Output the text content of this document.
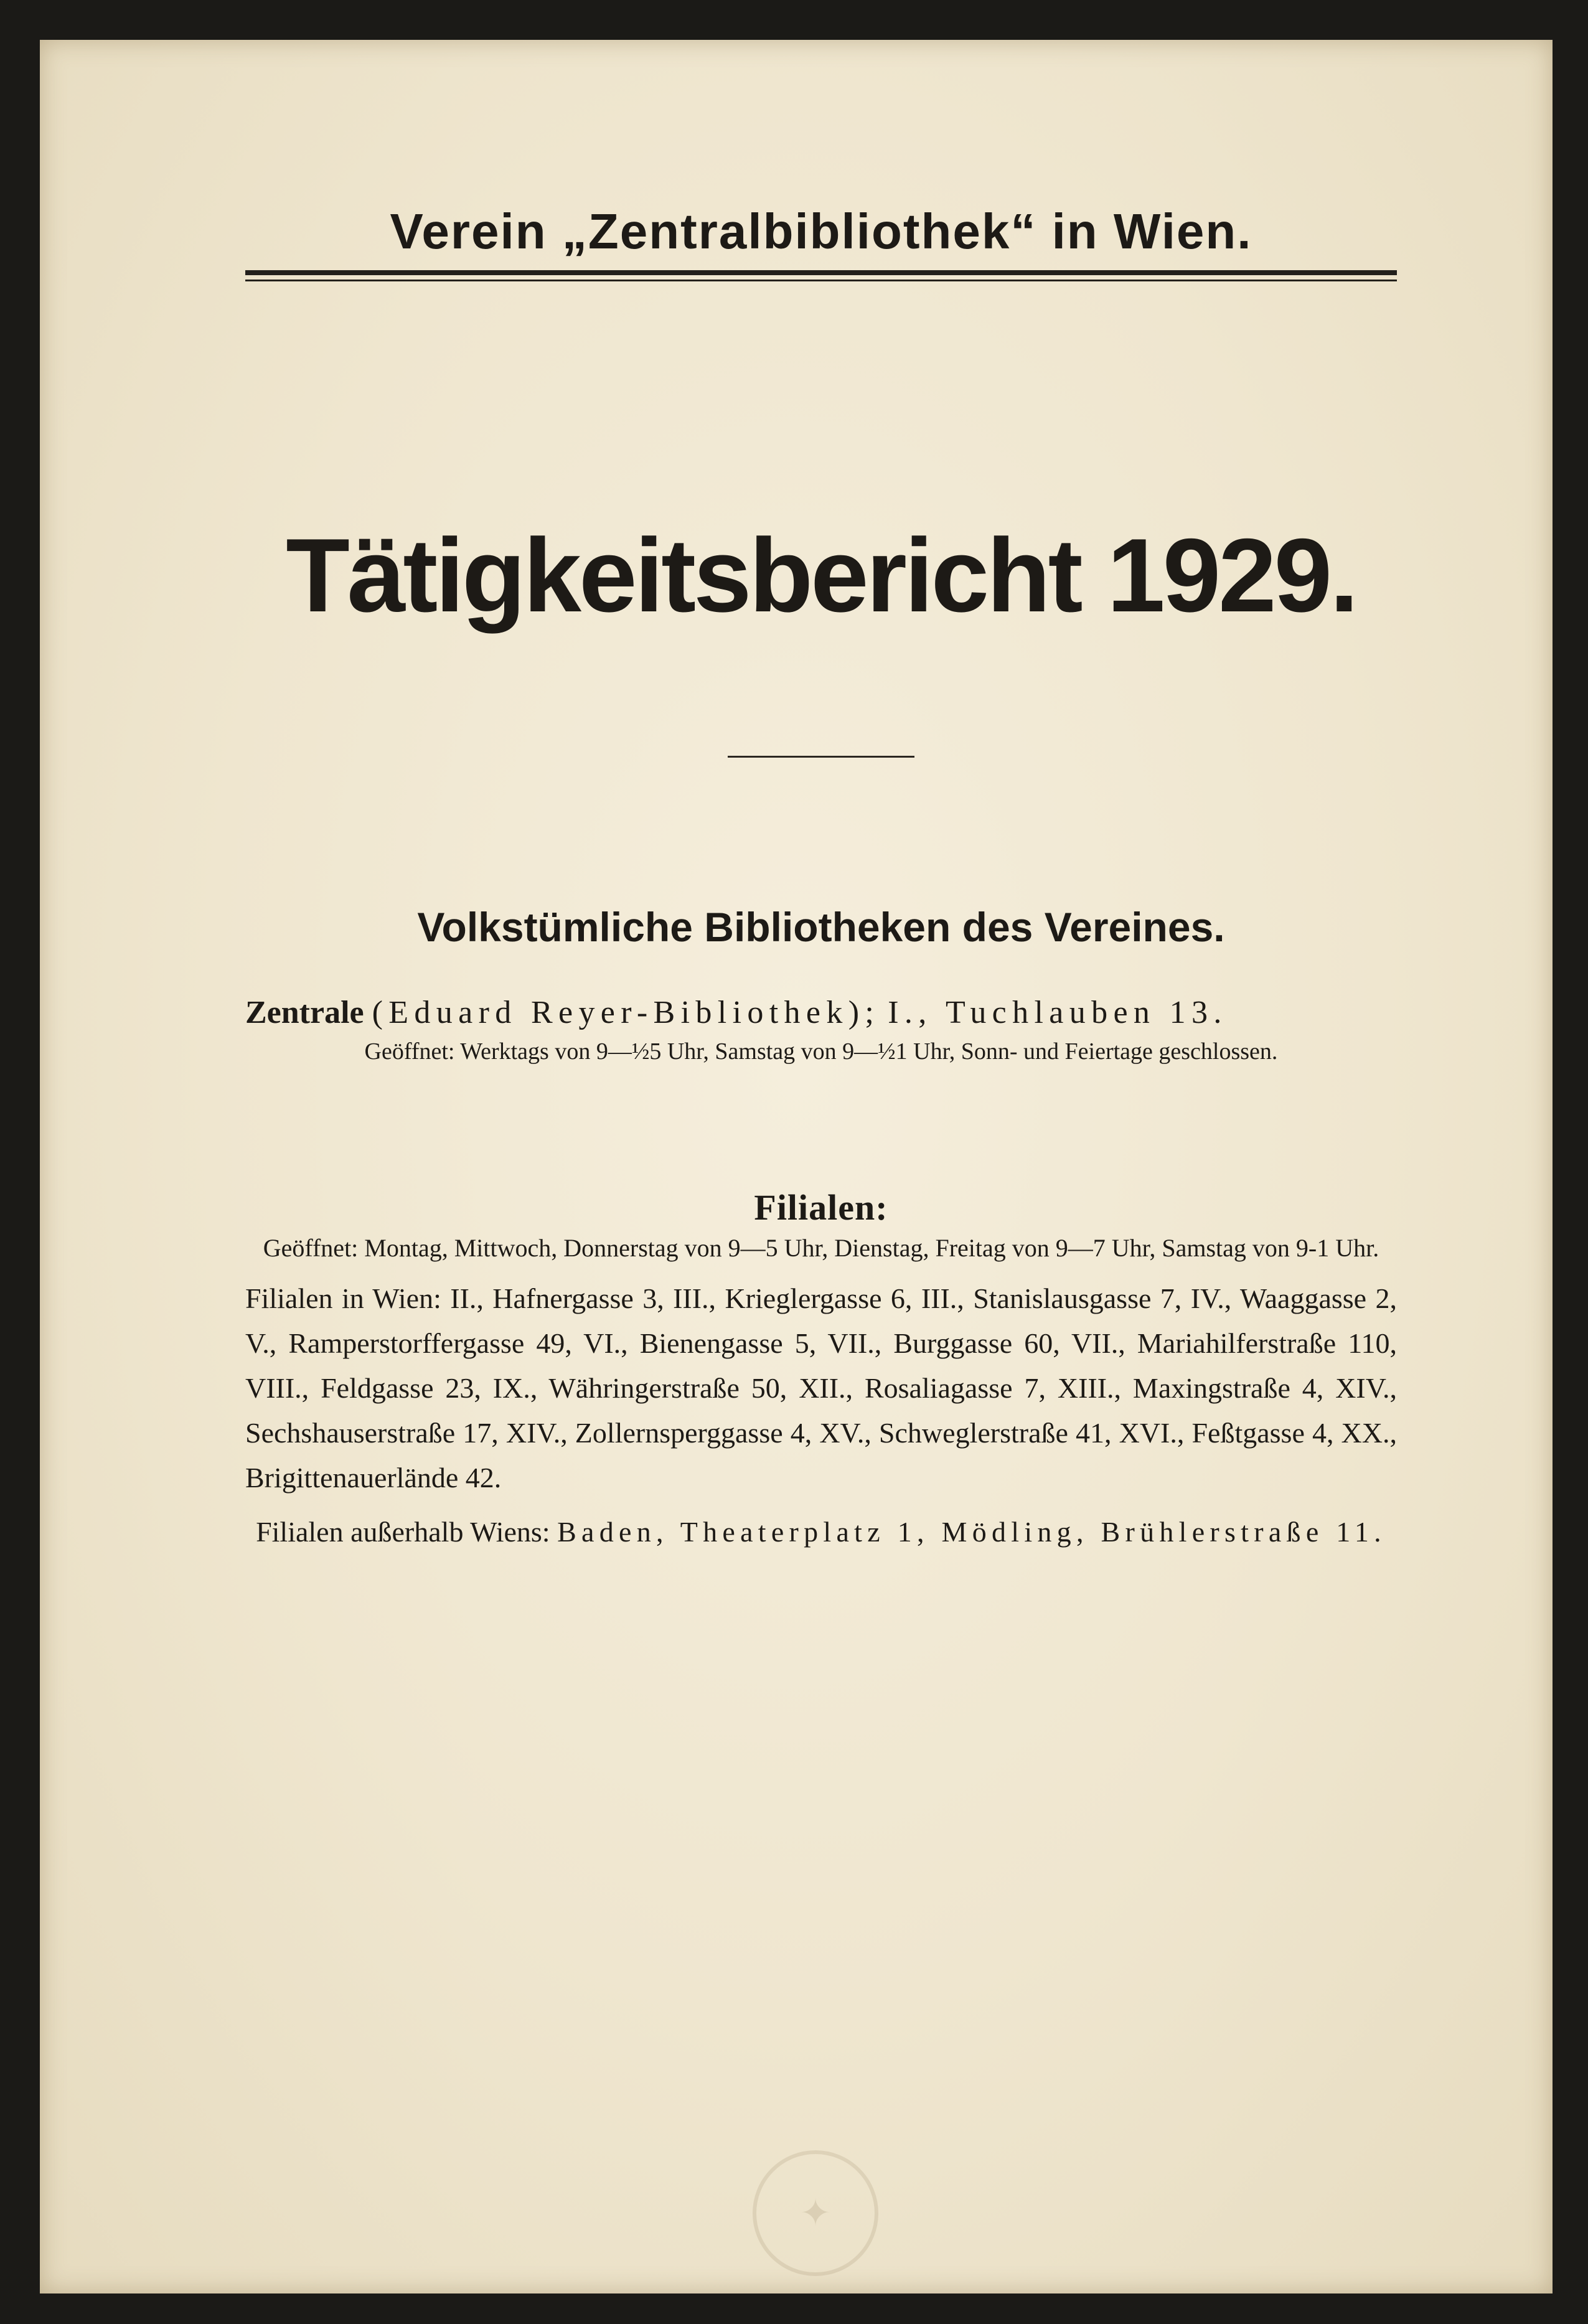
Verein „Zentralbibliothek“ in Wien.
Tätigkeitsbericht 1929.
Volkstümliche Bibliotheken des Vereines.

Zentrale (Eduard Reyer-Bibliothek); I., Tuchlauben 13.

Geöffnet: Werktags von 9—½5 Uhr, Samstag von 9—½1 Uhr, Sonn- und Feiertage geschlossen.

Filialen:

Geöffnet: Montag, Mittwoch, Donnerstag von 9—5 Uhr, Dienstag, Freitag von 9—7 Uhr, Samstag von 9-1 Uhr.

Filialen in Wien: II., Hafnergasse 3, III., Krieglergasse 6, III., Stanislausgasse 7, IV., Waaggasse 2, V., Ramperstorffergasse 49, VI., Bienengasse 5, VII., Burggasse 60, VII., Mariahilferstraße 110, VIII., Feldgasse 23, IX., Währingerstraße 50, XII., Rosaliagasse 7, XIII., Maxingstraße 4, XIV., Sechshauserstraße 17, XIV., Zollernsperggasse 4, XV., Schweglerstraße 41, XVI., Feßtgasse 4, XX., Brigittenauerlände 42.

Filialen außerhalb Wiens: Baden, Theaterplatz 1, Mödling, Brühlerstraße 11.

✦
